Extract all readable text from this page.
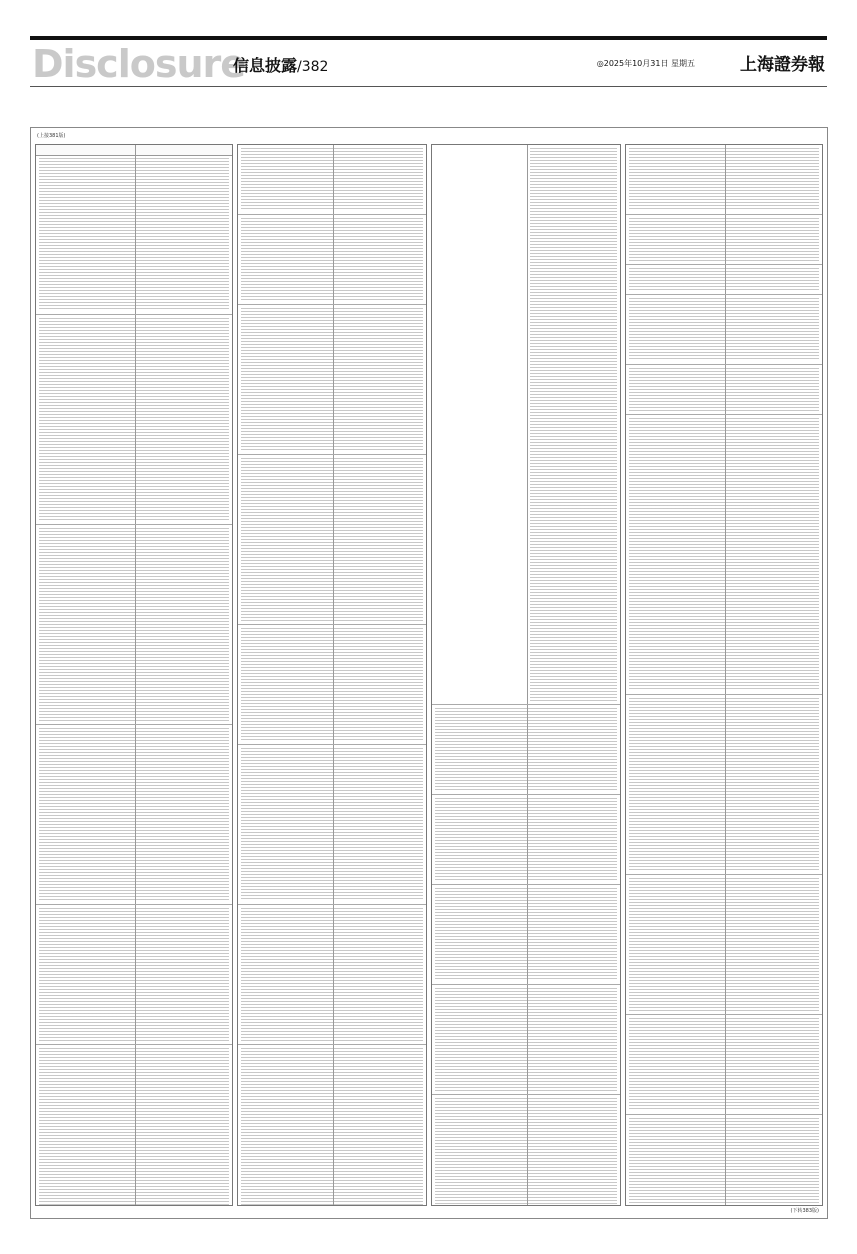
Disclosure
信息披露/382	◎2025年10月31日 星期五	上海證券報
(上接381版)
(下转383版)
